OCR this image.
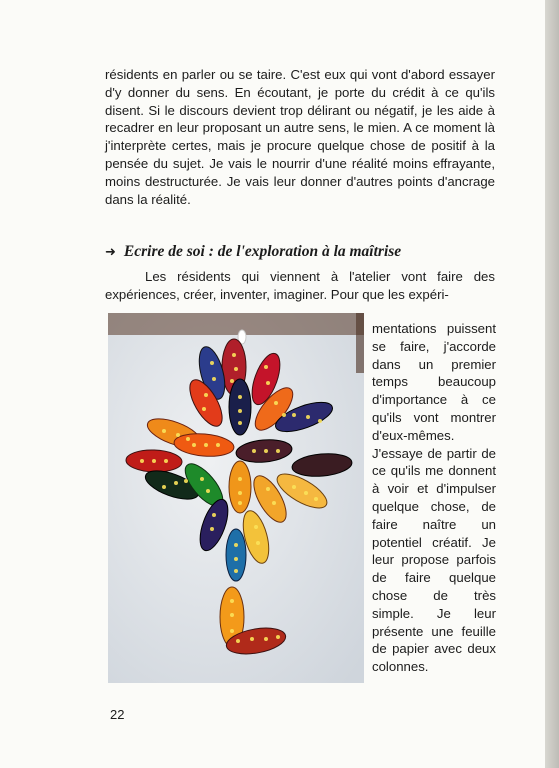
résidents en parler ou se taire. C'est eux qui vont d'abord essayer d'y donner du sens. En écoutant, je porte du crédit à ce qu'ils disent. Si le discours devient trop délirant ou négatif, je les aide à recadrer en leur proposant un autre sens, le mien. A ce moment là j'interprète certes, mais je procure quelque chose de positif à la pensée du sujet. Je vais le nourrir d'une réalité moins effrayante, moins destructurée. Je vais leur donner d'autres points d'ancrage dans la réalité.

➜ Ecrire de soi : de l'exploration à la maîtrise

Les résidents qui viennent à l'atelier vont faire des expériences, créer, inventer, imaginer. Pour que les expéri-

mentations puissent se faire, j'accorde dans un premier temps beaucoup d'importance à ce qu'ils vont montrer d'eux-mêmes. J'essaye de partir de ce qu'ils me donnent à voir et d'impulser quelque chose, de faire naître un potentiel créatif. Je leur propose parfois de faire quelque chose de très simple. Je leur présente une feuille de papier avec deux colonnes.

22
